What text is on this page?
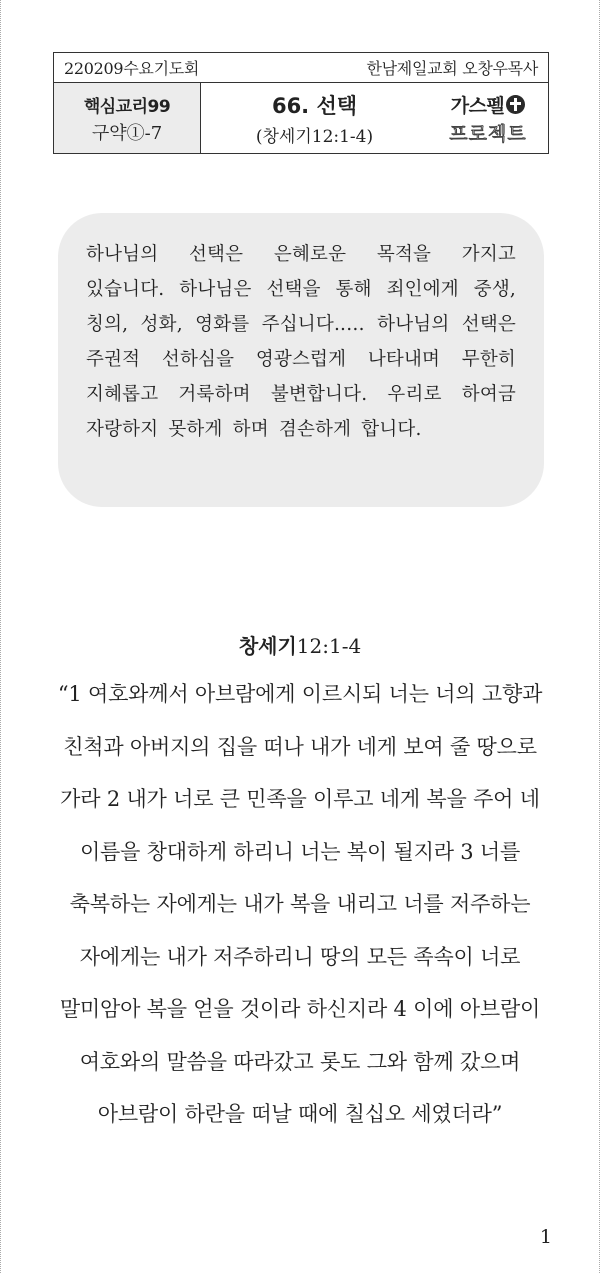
220209수요기도회	한남제일교회 오창우목사
핵심교리99
구약①-7
66. 선택
(창세기12:1-4)
가스펠
프로젝트

하나님의 선택은 은혜로운 목적을 가지고 있습니다. 하나님은 선택을 통해 죄인에게 중생, 칭의, 성화, 영화를 주십니다..… 하나님의 선택은 주권적 선하심을 영광스럽게 나타내며 무한히 지혜롭고 거룩하며 불변합니다. 우리로 하여금 자랑하지 못하게 하며 겸손하게 합니다.

창세기12:1-4
“1 여호와께서 아브람에게 이르시되 너는 너의 고향과
친척과 아버지의 집을 떠나 내가 네게 보여 줄 땅으로
가라 2 내가 너로 큰 민족을 이루고 네게 복을 주어 네
이름을 창대하게 하리니 너는 복이 될지라 3 너를
축복하는 자에게는 내가 복을 내리고 너를 저주하는
자에게는 내가 저주하리니 땅의 모든 족속이 너로
말미암아 복을 얻을 것이라 하신지라 4 이에 아브람이
여호와의 말씀을 따라갔고 롯도 그와 함께 갔으며
아브람이 하란을 떠날 때에 칠십오 세였더라”
1
